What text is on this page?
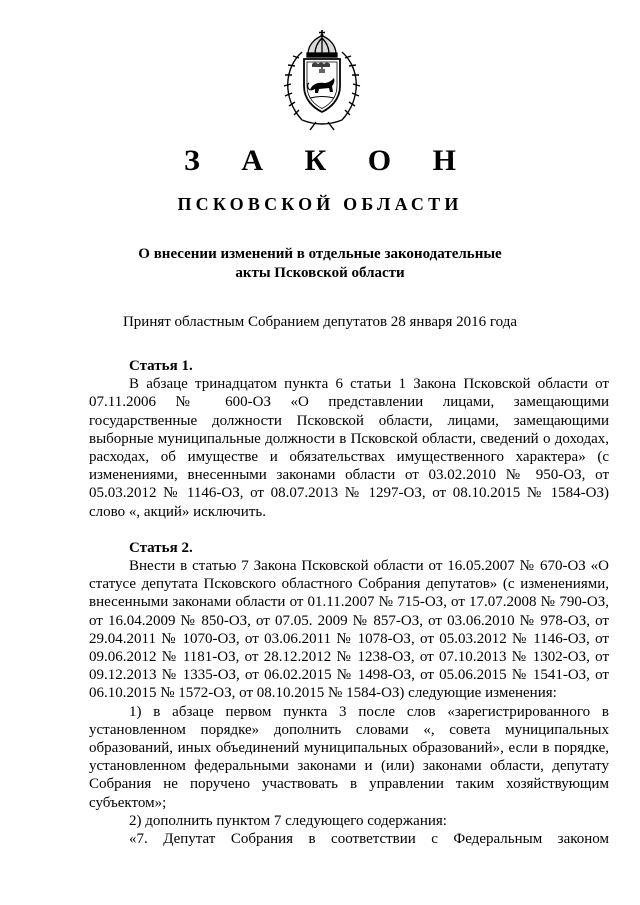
З А К О Н
ПСКОВСКОЙ ОБЛАСТИ
О внесении изменений в отдельные законодательные
акты Псковской области
Принят областным Собранием депутатов 28 января 2016 года

Статья 1.

В абзаце тринадцатом пункта 6 статьи 1 Закона Псковской области от 07.11.2006 № 600-ОЗ «О представлении лицами, замещающими государственные должности Псковской области, лицами, замещающими выборные муниципальные должности в Псковской области, сведений о доходах, расходах, об имуществе и обязательствах имущественного характера» (с изменениями, внесенными законами области от 03.02.2010 № 950-ОЗ, от 05.03.2012 № 1146-ОЗ, от 08.07.2013 № 1297-ОЗ, от 08.10.2015 № 1584-ОЗ) слово «, акций» исключить.

Статья 2.

Внести в статью 7 Закона Псковской области от 16.05.2007 № 670-ОЗ «О статусе депутата Псковского областного Собрания депутатов» (с изменениями, внесенными законами области от 01.11.2007 № 715-ОЗ, от 17.07.2008 № 790-ОЗ, от 16.04.2009 № 850-ОЗ, от 07.05. 2009 № 857-ОЗ, от 03.06.2010 № 978-ОЗ, от 29.04.2011 № 1070-ОЗ, от 03.06.2011 № 1078-ОЗ, от 05.03.2012 № 1146-ОЗ, от 09.06.2012 № 1181-ОЗ, от 28.12.2012 № 1238-ОЗ, от 07.10.2013 № 1302-ОЗ, от 09.12.2013 № 1335-ОЗ, от 06.02.2015 № 1498-ОЗ, от 05.06.2015 № 1541-ОЗ, от 06.10.2015 № 1572-ОЗ, от 08.10.2015 № 1584-ОЗ) следующие изменения:

1) в абзаце первом пункта 3 после слов «зарегистрированного в установленном порядке» дополнить словами «, совета муниципальных образований, иных объединений муниципальных образований», если в порядке, установленном федеральными законами и (или) законами области, депутату Собрания не поручено участвовать в управлении таким хозяйствующим субъектом»;

2) дополнить пунктом 7 следующего содержания:

«7. Депутат Собрания в соответствии с Федеральным законом
